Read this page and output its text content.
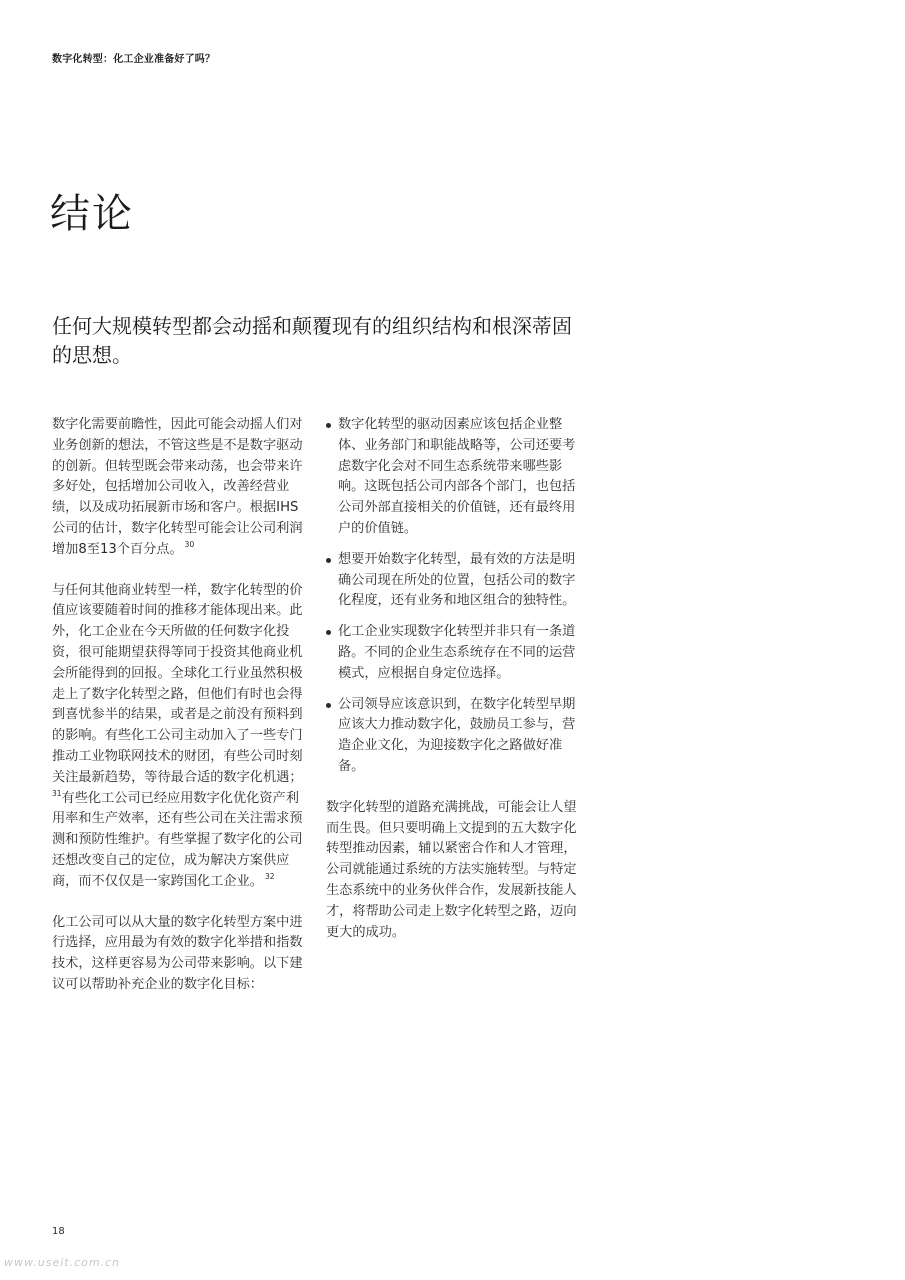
数字化转型：化工企业准备好了吗？
结论

任何大规模转型都会动摇和颠覆现有的组织结构和根深蒂固的思想。

数字化需要前瞻性，因此可能会动摇人们对业务创新的想法，不管这些是不是数字驱动的创新。但转型既会带来动荡，也会带来许多好处，包括增加公司收入，改善经营业绩，以及成功拓展新市场和客户。根据IHS公司的估计，数字化转型可能会让公司利润增加8至13个百分点。 $^{30}$

与任何其他商业转型一样，数字化转型的价值应该要随着时间的推移才能体现出来。此外，化工企业在今天所做的任何数字化投资，很可能期望获得等同于投资其他商业机会所能得到的回报。全球化工行业虽然积极走上了数字化转型之路，但他们有时也会得到喜忧参半的结果，或者是之前没有预料到的影响。有些化工公司主动加入了一些专门推动工业物联网技术的财团，有些公司时刻关注最新趋势，等待最合适的数字化机遇；$^{31}$有些化工公司已经应用数字化优化资产利用率和生产效率，还有些公司在关注需求预测和预防性维护。有些掌握了数字化的公司还想改变自己的定位，成为解决方案供应商，而不仅仅是一家跨国化工企业。 $^{32}$

化工公司可以从大量的数字化转型方案中进行选择，应用最为有效的数字化举措和指数技术，这样更容易为公司带来影响。以下建议可以帮助补充企业的数字化目标：

数字化转型的驱动因素应该包括企业整体、业务部门和职能战略等，公司还要考虑数字化会对不同生态系统带来哪些影响。这既包括公司内部各个部门，也包括公司外部直接相关的价值链，还有最终用户的价值链。
想要开始数字化转型，最有效的方法是明确公司现在所处的位置，包括公司的数字化程度，还有业务和地区组合的独特性。
化工企业实现数字化转型并非只有一条道路。不同的企业生态系统存在不同的运营模式，应根据自身定位选择。
公司领导应该意识到，在数字化转型早期应该大力推动数字化，鼓励员工参与，营造企业文化，为迎接数字化之路做好准备。

数字化转型的道路充满挑战，可能会让人望而生畏。但只要明确上文提到的五大数字化转型推动因素，辅以紧密合作和人才管理，公司就能通过系统的方法实施转型。与特定生态系统中的业务伙伴合作，发展新技能人才，将帮助公司走上数字化转型之路，迈向更大的成功。

18
www.useit.com.cn
